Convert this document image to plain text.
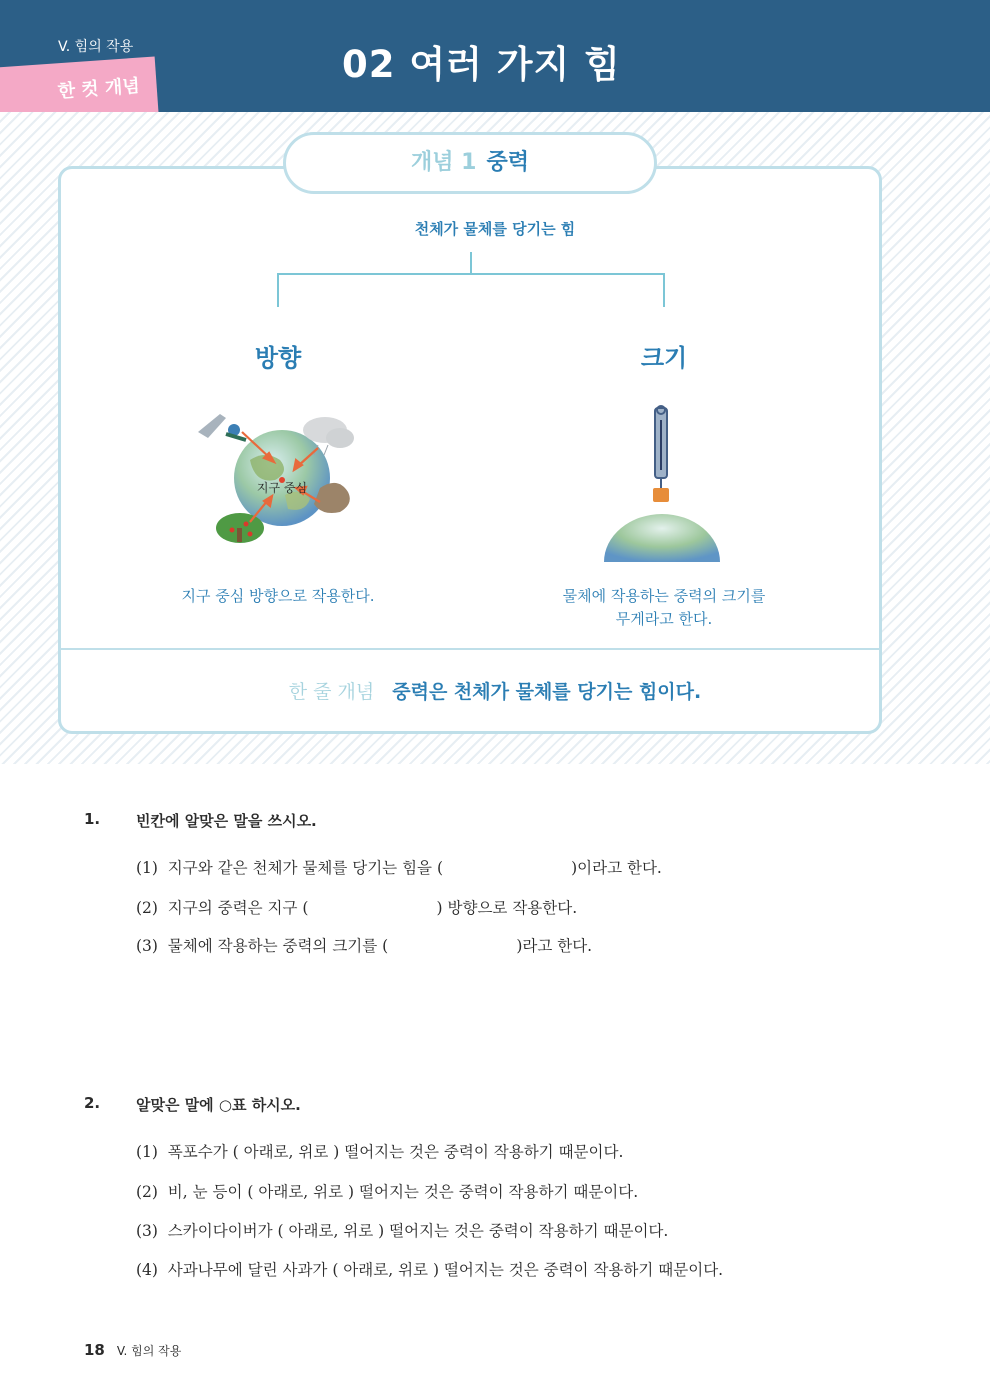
V. 힘의 작용	02 여러 가지 힘
한 컷 개념
개념 1 중력
천체가 물체를 당기는 힘
방향	크기
지구 중심
지구 중심 방향으로 작용한다.	물체에 작용하는 중력의 크기를
무게라고 한다.
한 줄 개념 중력은 천체가 물체를 당기는 힘이다.
1. 빈칸에 알맞은 말을 쓰시오.
(1)  지구와 같은 천체가 물체를 당기는 힘을 (                          )이라고 한다.
(2)  지구의 중력은 지구 (                          ) 방향으로 작용한다.
(3)  물체에 작용하는 중력의 크기를 (                          )라고 한다.
2. 알맞은 말에 ○표 하시오.
(1)  폭포수가 ( 아래로, 위로 ) 떨어지는 것은 중력이 작용하기 때문이다.
(2)  비, 눈 등이 ( 아래로, 위로 ) 떨어지는 것은 중력이 작용하기 때문이다.
(3)  스카이다이버가 ( 아래로, 위로 ) 떨어지는 것은 중력이 작용하기 때문이다.
(4)  사과나무에 달린 사과가 ( 아래로, 위로 ) 떨어지는 것은 중력이 작용하기 때문이다.
18 V. 힘의 작용
